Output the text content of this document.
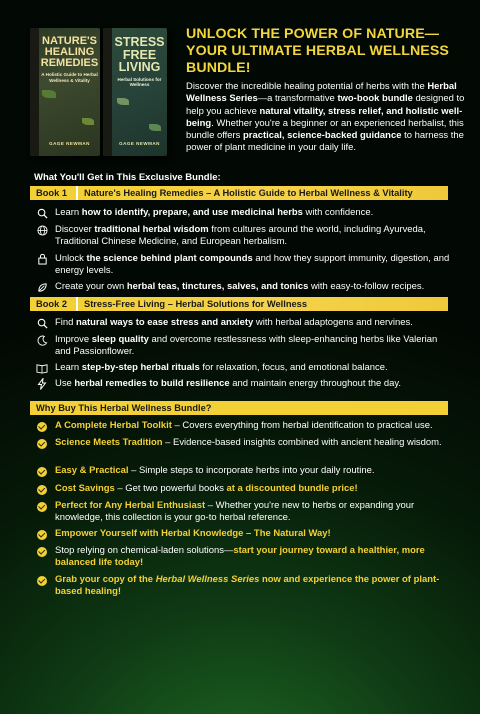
NATURE'S HEALING REMEDIES
A Holistic Guide to Herbal Wellness & Vitality
GAGE NEWMAN
STRESS FREE LIVING
Herbal Solutions for Wellness
GAGE NEWMAN
UNLOCK THE POWER OF NATURE—YOUR ULTIMATE HERBAL WELLNESS BUNDLE!
Discover the incredible healing potential of herbs with the Herbal Wellness Series—a transformative two-book bundle designed to help you achieve natural vitality, stress relief, and holistic well-being. Whether you're a beginner or an experienced herbalist, this bundle offers practical, science-backed guidance to harness the power of plant medicine in your daily life.
What You'll Get in This Exclusive Bundle:
Book 1	Nature's Healing Remedies – A Holistic Guide to Herbal Wellness & Vitality
Learn how to identify, prepare, and use medicinal herbs with confidence.
Discover traditional herbal wisdom from cultures around the world, including Ayurveda, Traditional Chinese Medicine, and European herbalism.
Unlock the science behind plant compounds and how they support immunity, digestion, and energy levels.
Create your own herbal teas, tinctures, salves, and tonics with easy-to-follow recipes.
Book 2	Stress-Free Living – Herbal Solutions for Wellness
Find natural ways to ease stress and anxiety with herbal adaptogens and nervines.
Improve sleep quality and overcome restlessness with sleep-enhancing herbs like Valerian and Passionflower.
Learn step-by-step herbal rituals for relaxation, focus, and emotional balance.
Use herbal remedies to build resilience and maintain energy throughout the day.
Why Buy This Herbal Wellness Bundle?
A Complete Herbal Toolkit – Covers everything from herbal identification to practical use.
Science Meets Tradition – Evidence-based insights combined with ancient healing wisdom.
Easy & Practical – Simple steps to incorporate herbs into your daily routine.
Cost Savings – Get two powerful books at a discounted bundle price!
Perfect for Any Herbal Enthusiast – Whether you're new to herbs or expanding your knowledge, this collection is your go-to herbal reference.
Empower Yourself with Herbal Knowledge – The Natural Way!
Stop relying on chemical-laden solutions—start your journey toward a healthier, more balanced life today!
Grab your copy of the Herbal Wellness Series now and experience the power of plant-based healing!
